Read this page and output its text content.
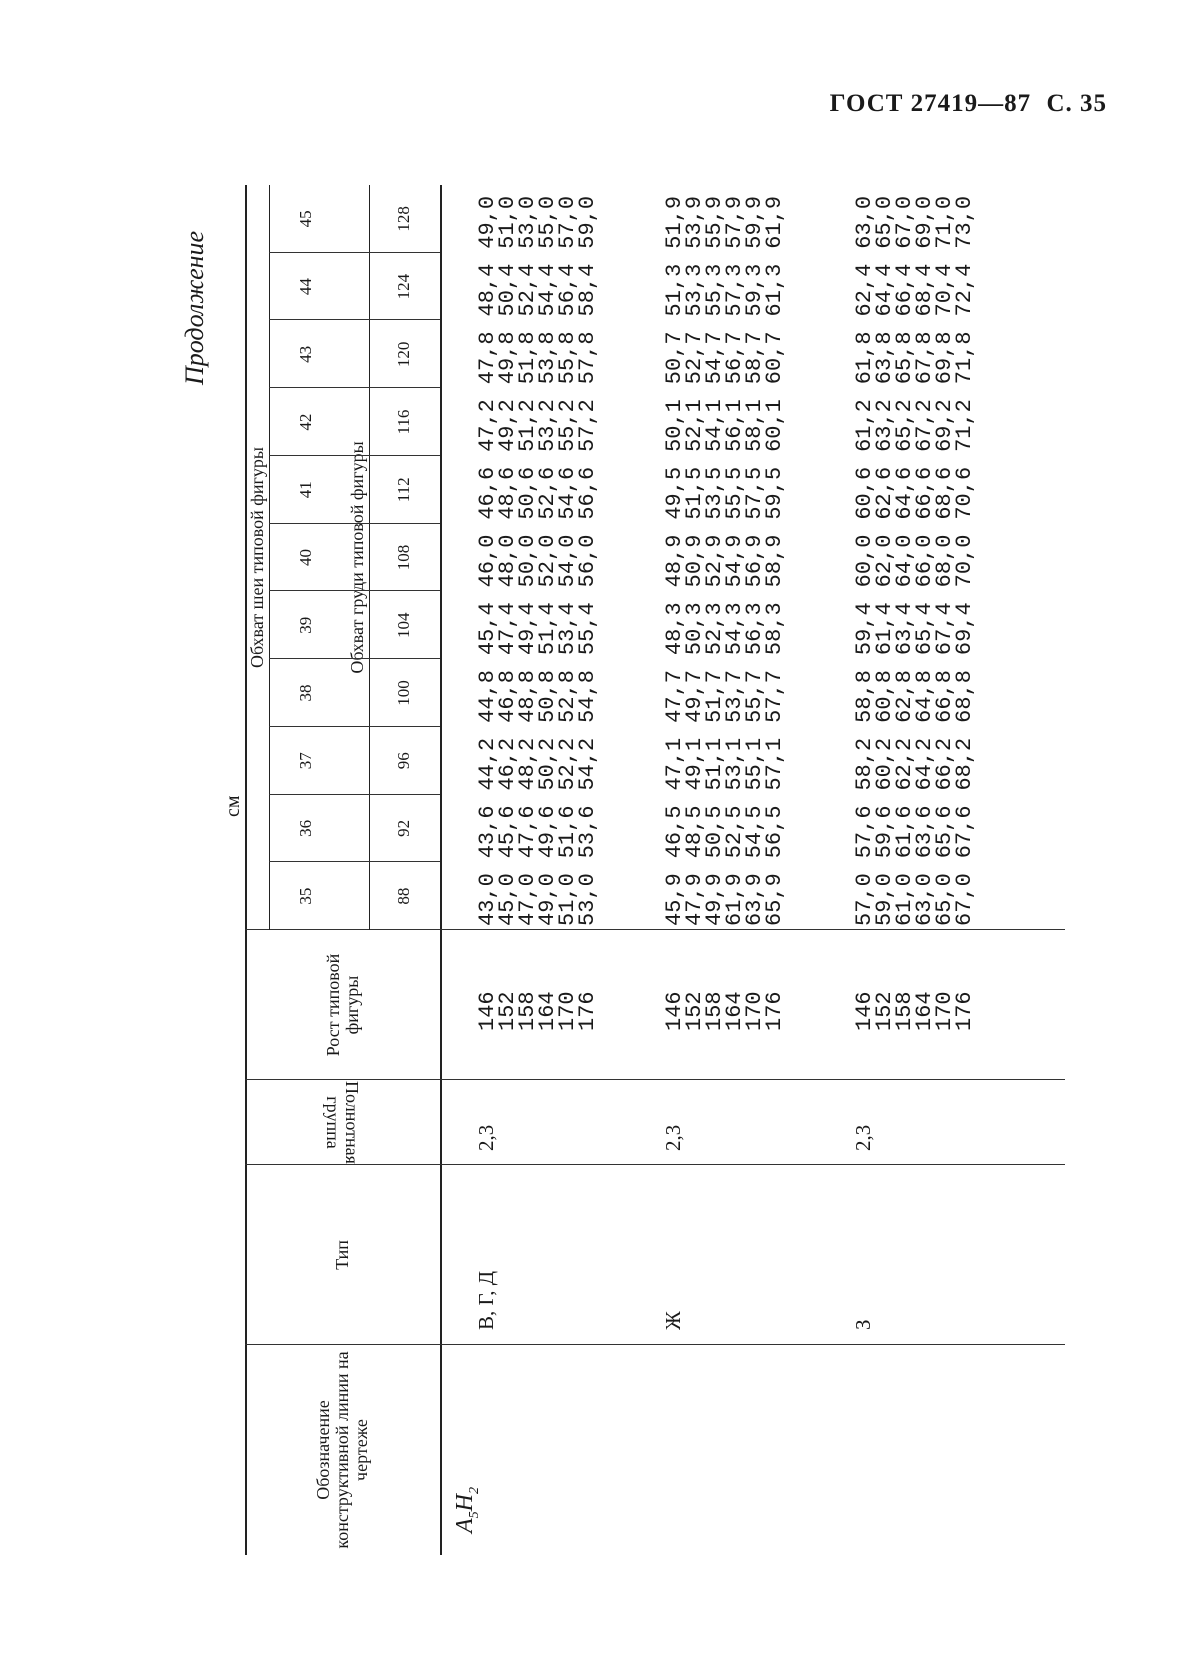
ГОСТ 27419—87 С. 35
Продолжение
см
Обозначение конструктивной линии на чертеже
Тип
Полнотная группа
Рост типовой фигуры
Обхват шеи типовой фигуры	Обхват груди типовой фигуры
$A_5H_2$
35
36
37
38
39
40
41
42
43
44
45
88
92
96
100
104
108
112
116
120
124
128
В, Г, Д
2,3
146
152
158
164
170
176
43,0
45,0
47,0
49,0
51,0
53,0
43,6
45,6
47,6
49,6
51,6
53,6
44,2
46,2
48,2
50,2
52,2
54,2
44,8
46,8
48,8
50,8
52,8
54,8
45,4
47,4
49,4
51,4
53,4
55,4
46,0
48,0
50,0
52,0
54,0
56,0
46,6
48,6
50,6
52,6
54,6
56,6
47,2
49,2
51,2
53,2
55,2
57,2
47,8
49,8
51,8
53,8
55,8
57,8
48,4
50,4
52,4
54,4
56,4
58,4
49,0
51,0
53,0
55,0
57,0
59,0
Ж
2,3
146
152
158
164
170
176
45,9
47,9
49,9
61,9
63,9
65,9
46,5
48,5
50,5
52,5
54,5
56,5
47,1
49,1
51,1
53,1
55,1
57,1
47,7
49,7
51,7
53,7
55,7
57,7
48,3
50,3
52,3
54,3
56,3
58,3
48,9
50,9
52,9
54,9
56,9
58,9
49,5
51,5
53,5
55,5
57,5
59,5
50,1
52,1
54,1
56,1
58,1
60,1
50,7
52,7
54,7
56,7
58,7
60,7
51,3
53,3
55,3
57,3
59,3
61,3
51,9
53,9
55,9
57,9
59,9
61,9
З
2,3
146
152
158
164
170
176
57,0
59,0
61,0
63,0
65,0
67,0
57,6
59,6
61,6
63,6
65,6
67,6
58,2
60,2
62,2
64,2
66,2
68,2
58,8
60,8
62,8
64,8
66,8
68,8
59,4
61,4
63,4
65,4
67,4
69,4
60,0
62,0
64,0
66,0
68,0
70,0
60,6
62,6
64,6
66,6
68,6
70,6
61,2
63,2
65,2
67,2
69,2
71,2
61,8
63,8
65,8
67,8
69,8
71,8
62,4
64,4
66,4
68,4
70,4
72,4
63,0
65,0
67,0
69,0
71,0
73,0
